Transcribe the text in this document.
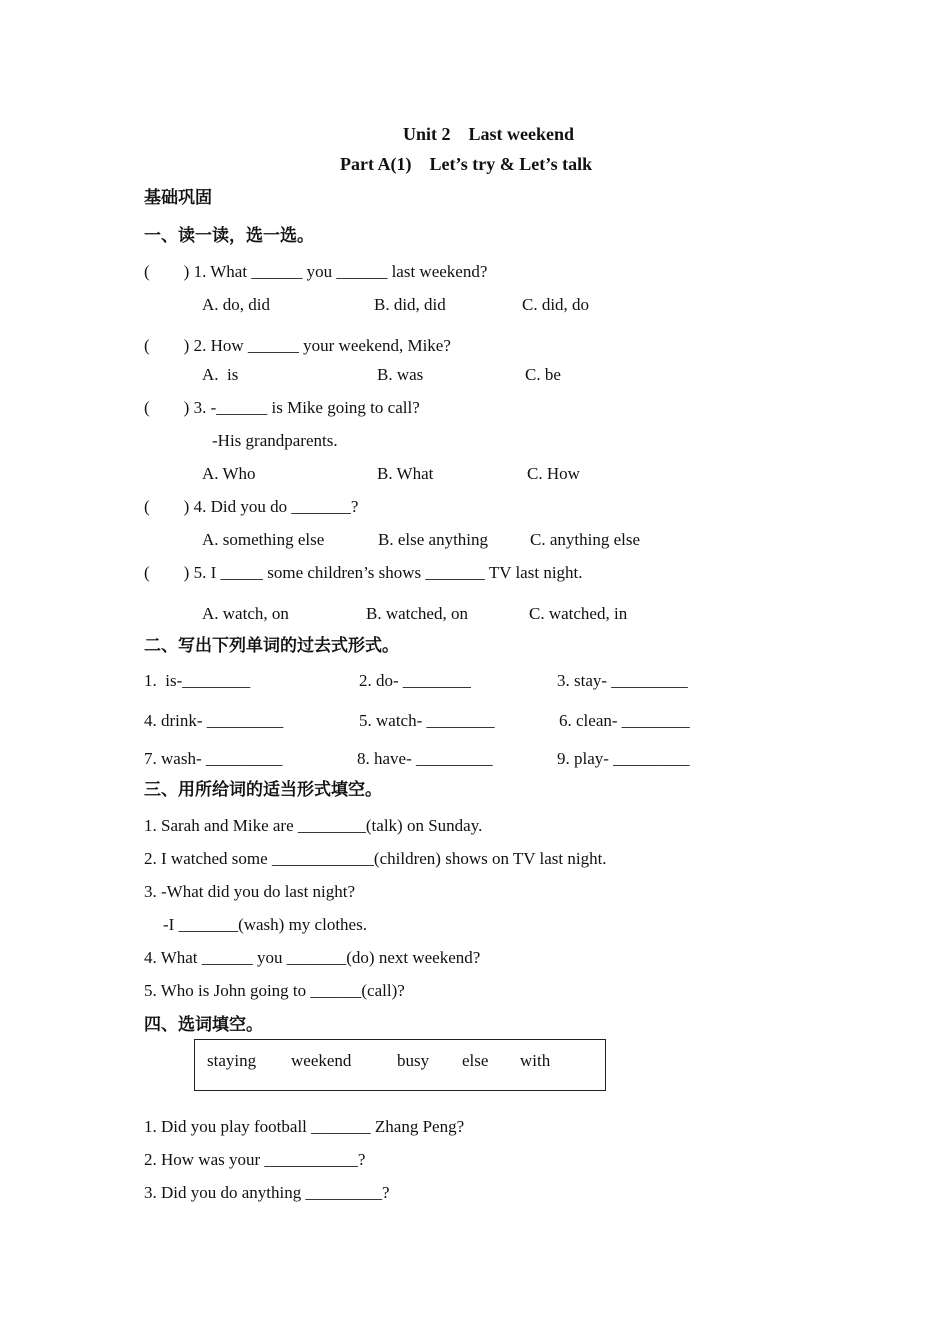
Unit 2    Last weekend
Part A(1)    Let’s try & Let’s talk
基础巩固
一、读一读，选一选。
(        ) 1. What ______ you ______ last weekend?
A. do, did	B. did, did	C. did, do
(        ) 2. How ______ your weekend, Mike?
A.  is	B. was	C. be
(        ) 3. -______ is Mike going to call?
-His grandparents.
A. Who	B. What	C. How
(        ) 4. Did you do _______?
A. something else	B. else anything C. anything else
(        ) 5. I _____ some children’s shows _______ TV last night.
A. watch, on	B. watched, on	C. watched, in
二、写出下列单词的过去式形式。
1.  is-________	2. do- ________	3. stay- _________
4. drink- _________	5. watch- ________	6. clean- ________
7. wash- _________	8. have- _________	9. play- _________
三、用所给词的适当形式填空。
1. Sarah and Mike are ________(talk) on Sunday.
2. I watched some ____________(children) shows on TV last night.
3. -What did you do last night?
-I _______(wash) my clothes.
4. What ______ you _______(do) next weekend?
5. Who is John going to ______(call)?
四、选词填空。
staying weekend	busy else with
1. Did you play football _______ Zhang Peng?
2. How was your ___________?
3. Did you do anything _________?
